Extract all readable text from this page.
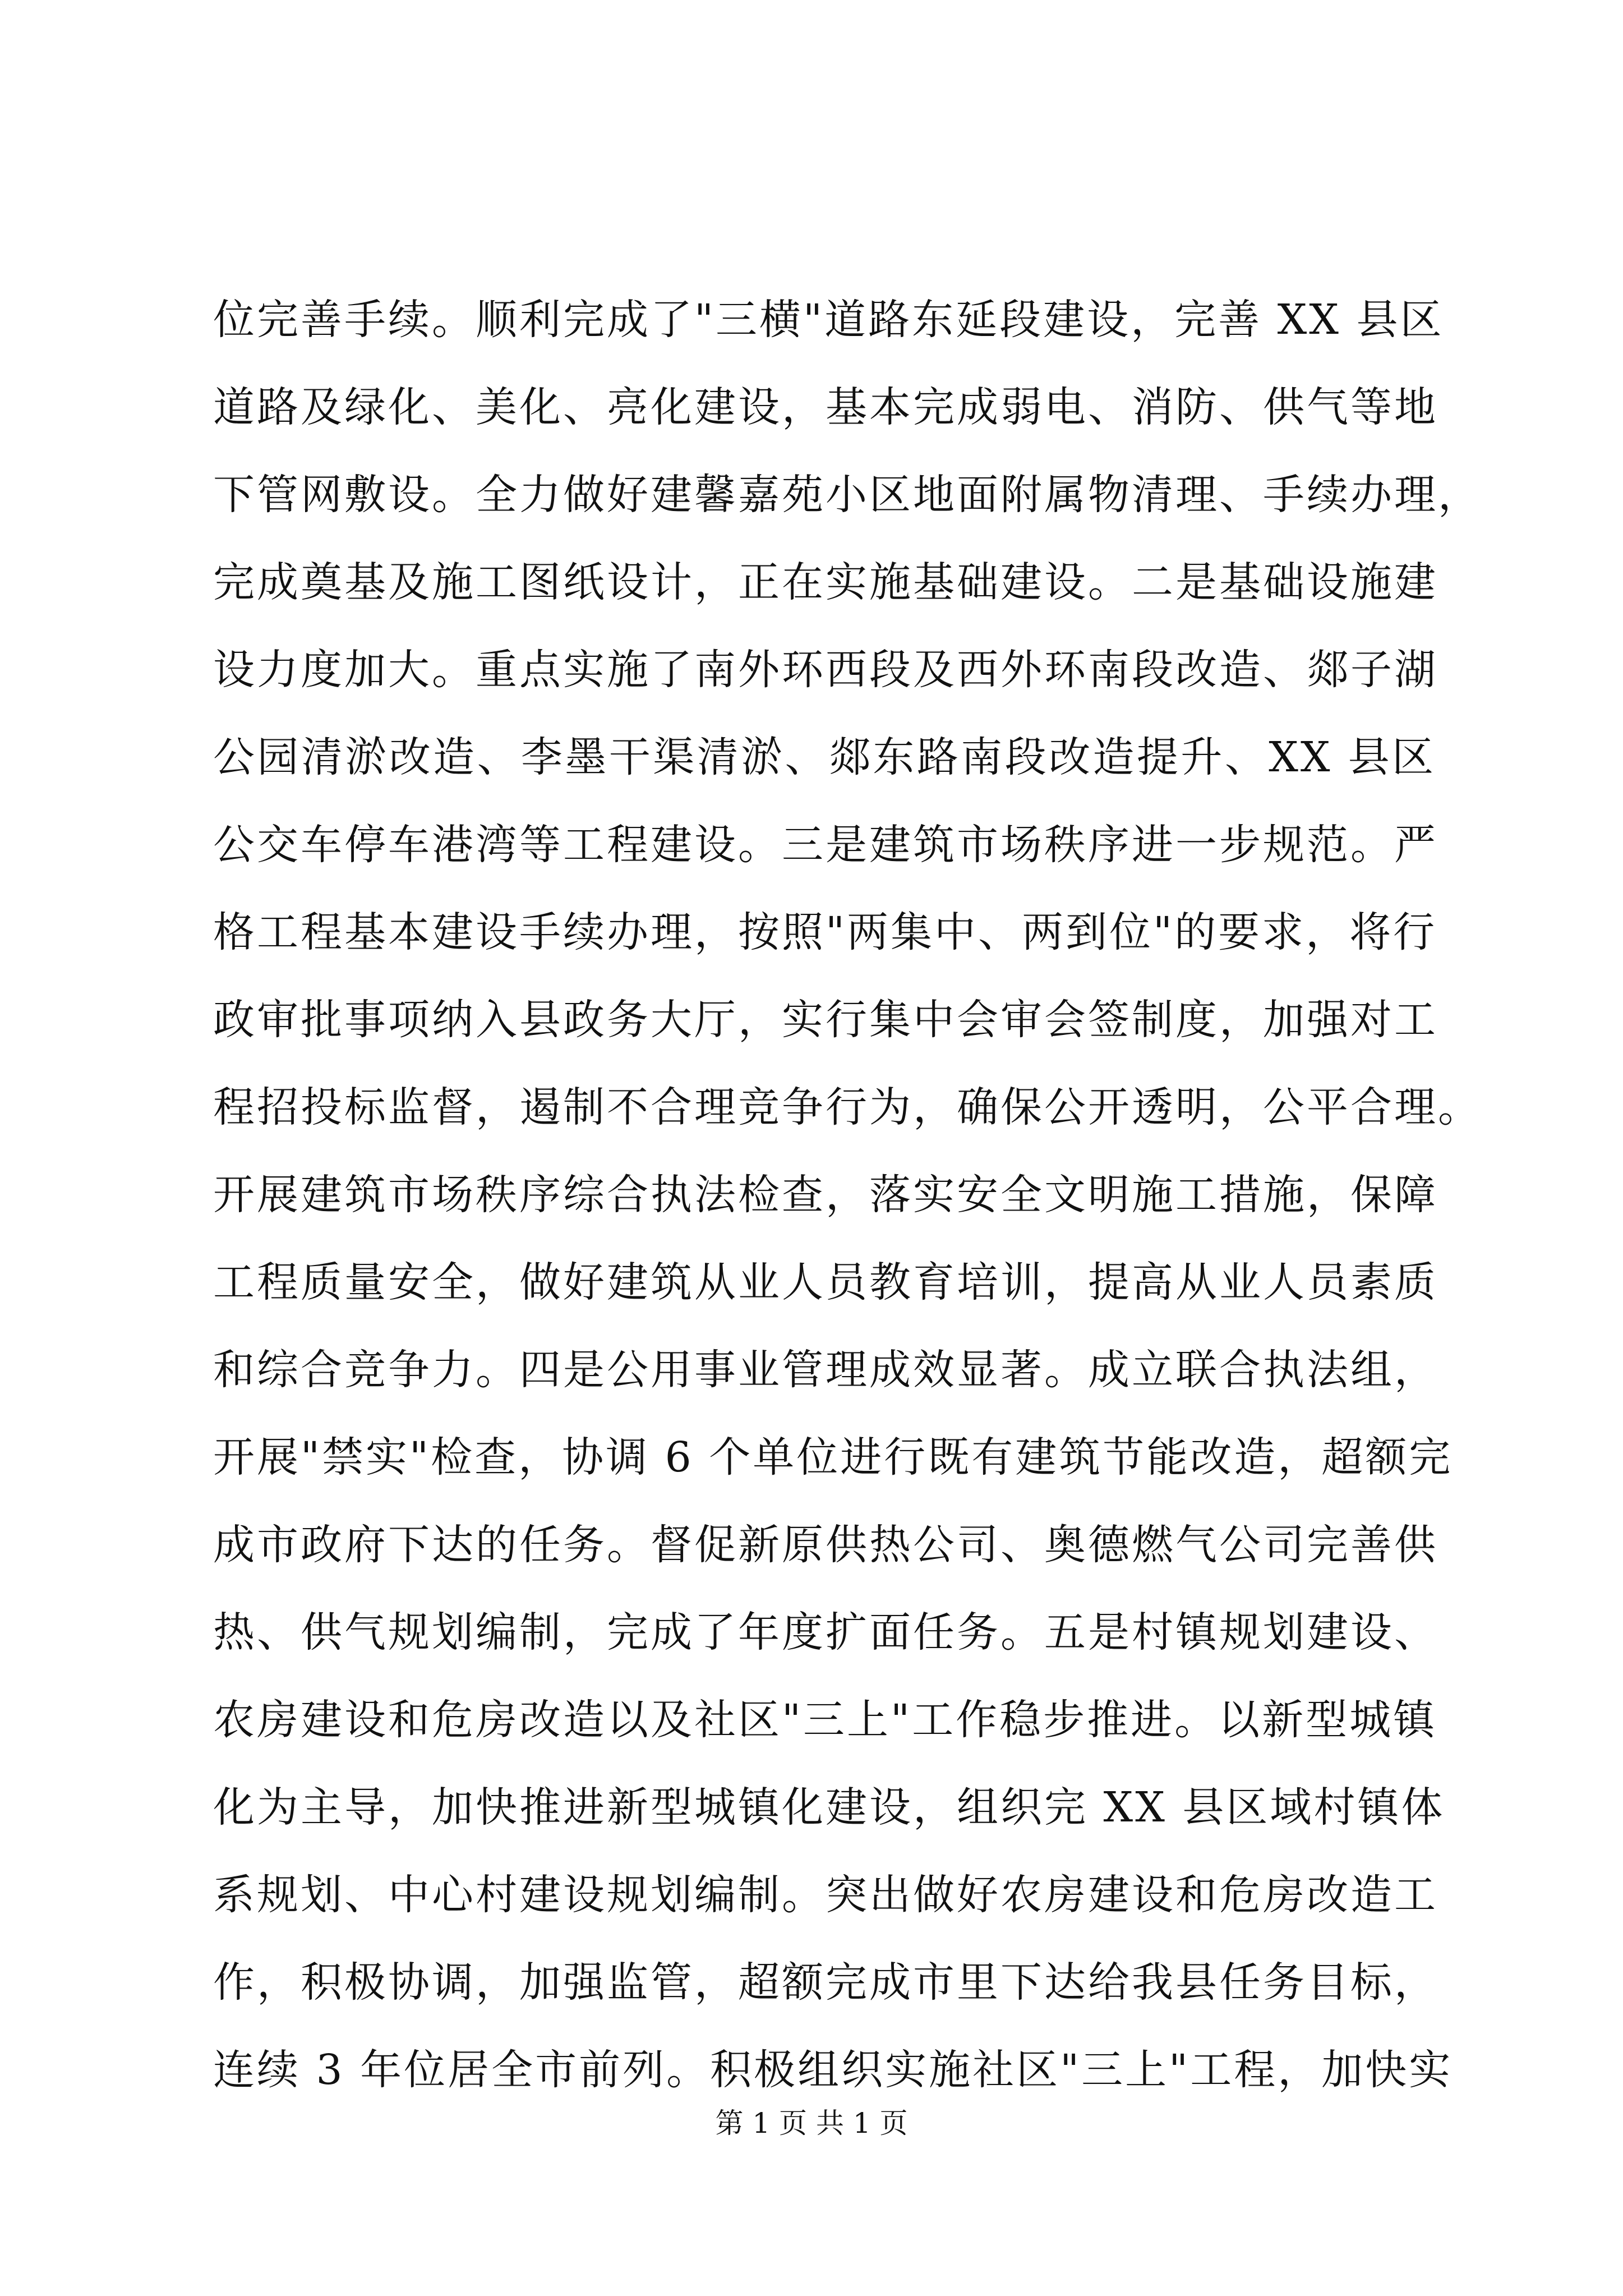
位完善手续。顺利完成了"三横"道路东延段建设，完善 XX 县区
道路及绿化、美化、亮化建设，基本完成弱电、消防、供气等地
下管网敷设。全力做好建馨嘉苑小区地面附属物清理、手续办理，
完成奠基及施工图纸设计，正在实施基础建设。二是基础设施建
设力度加大。重点实施了南外环西段及西外环南段改造、郯子湖
公园清淤改造、李墨干渠清淤、郯东路南段改造提升、XX 县区
公交车停车港湾等工程建设。三是建筑市场秩序进一步规范。严
格工程基本建设手续办理，按照"两集中、两到位"的要求，将行
政审批事项纳入县政务大厅，实行集中会审会签制度，加强对工
程招投标监督，遏制不合理竞争行为，确保公开透明，公平合理。
开展建筑市场秩序综合执法检查，落实安全文明施工措施，保障
工程质量安全，做好建筑从业人员教育培训，提高从业人员素质
和综合竞争力。四是公用事业管理成效显著。成立联合执法组，
开展"禁实"检查，协调 6 个单位进行既有建筑节能改造，超额完
成市政府下达的任务。督促新原供热公司、奥德燃气公司完善供
热、供气规划编制，完成了年度扩面任务。五是村镇规划建设、
农房建设和危房改造以及社区"三上"工作稳步推进。以新型城镇
化为主导，加快推进新型城镇化建设，组织完 XX 县区域村镇体
系规划、中心村建设规划编制。突出做好农房建设和危房改造工
作，积极协调，加强监管，超额完成市里下达给我县任务目标，
连续 3 年位居全市前列。积极组织实施社区"三上"工程，加快实
第 1 页 共 1 页
